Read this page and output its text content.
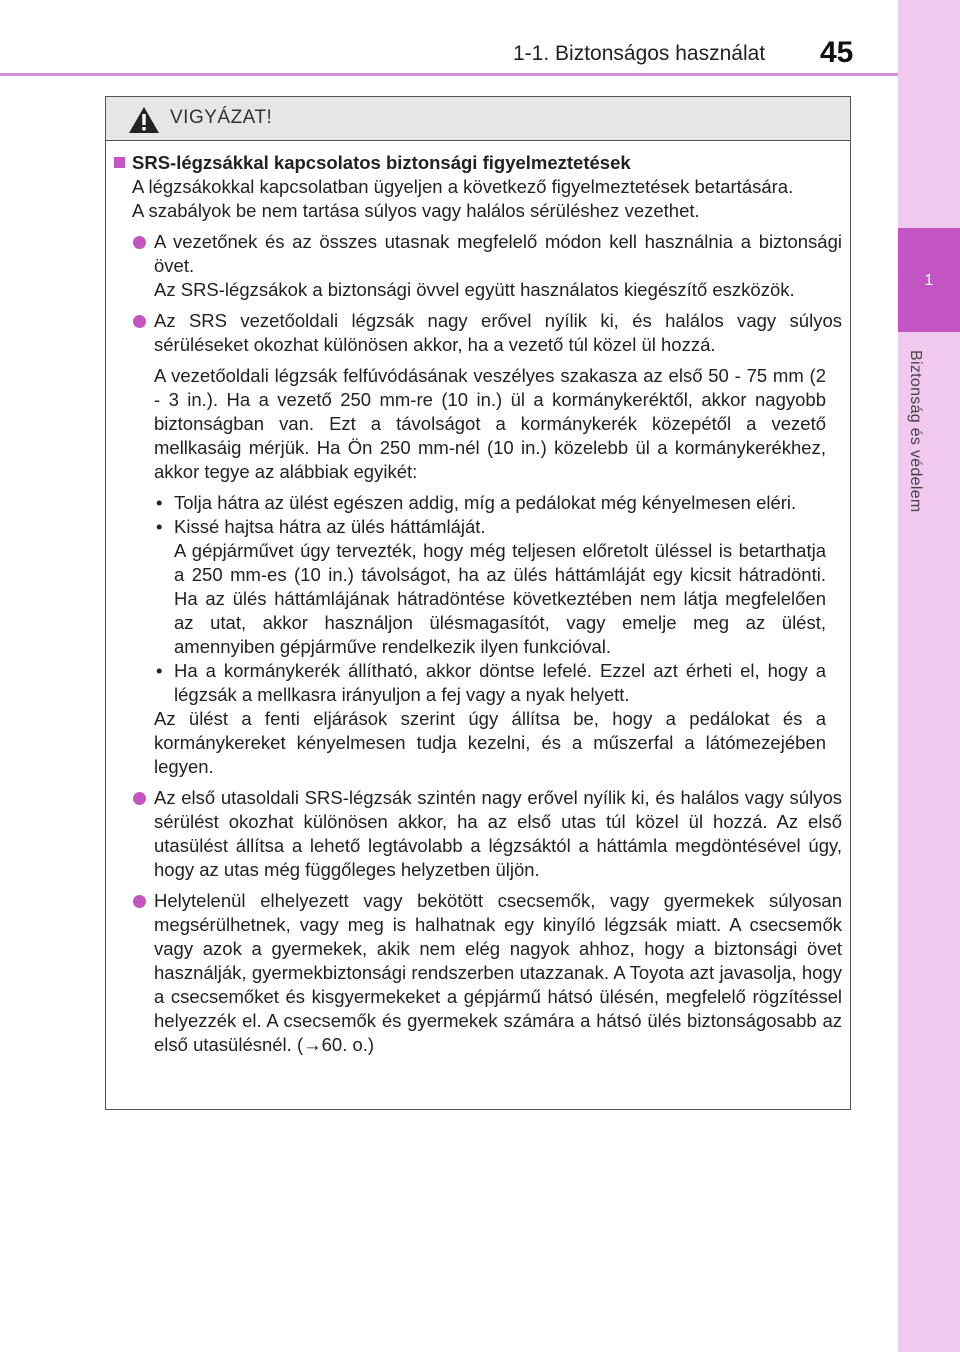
1-1. Biztonságos használat 45
1
Biztonság és védelem
VIGYÁZAT!
SRS-légzsákkal kapcsolatos biztonsági figyelmeztetések
A légzsákokkal kapcsolatban ügyeljen a következő figyelmeztetések betartására.
A szabályok be nem tartása súlyos vagy halálos sérüléshez vezethet.
A vezetőnek és az összes utasnak megfelelő módon kell használnia a biztonsági övet.
Az SRS-légzsákok a biztonsági övvel együtt használatos kiegészítő eszközök.
Az SRS vezetőoldali légzsák nagy erővel nyílik ki, és halálos vagy súlyos sérüléseket okozhat különösen akkor, ha a vezető túl közel ül hozzá.
A vezetőoldali légzsák felfúvódásának veszélyes szakasza az első 50 - 75 mm (2 - 3 in.). Ha a vezető 250 mm-re (10 in.) ül a kormánykeréktől, akkor nagyobb biztonságban van. Ezt a távolságot a kormánykerék közepétől a vezető mellkasáig mérjük. Ha Ön 250 mm-nél (10 in.) közelebb ül a kormánykerékhez, akkor tegye az alábbiak egyikét:
• Tolja hátra az ülést egészen addig, míg a pedálokat még kényelmesen eléri.
• Kissé hajtsa hátra az ülés háttámláját.
A gépjárművet úgy tervezték, hogy még teljesen előretolt üléssel is betarthatja a 250 mm-es (10 in.) távolságot, ha az ülés háttámláját egy kicsit hátradönti. Ha az ülés háttámlájának hátradöntése következtében nem látja megfelelően az utat, akkor használjon ülésmagasítót, vagy emelje meg az ülést, amennyiben gépjárműve rendelkezik ilyen funkcióval.
• Ha a kormánykerék állítható, akkor döntse lefelé. Ezzel azt érheti el, hogy a légzsák a mellkasra irányuljon a fej vagy a nyak helyett.
Az ülést a fenti eljárások szerint úgy állítsa be, hogy a pedálokat és a kormánykereket kényelmesen tudja kezelni, és a műszerfal a látómezejében legyen.
Az első utasoldali SRS-légzsák szintén nagy erővel nyílik ki, és halálos vagy súlyos sérülést okozhat különösen akkor, ha az első utas túl közel ül hozzá. Az első utasülést állítsa a lehető legtávolabb a légzsáktól a háttámla megdöntésével úgy, hogy az utas még függőleges helyzetben üljön.
Helytelenül elhelyezett vagy bekötött csecsemők, vagy gyermekek súlyosan megsérülhetnek, vagy meg is halhatnak egy kinyíló légzsák miatt. A csecsemők vagy azok a gyermekek, akik nem elég nagyok ahhoz, hogy a biztonsági övet használják, gyermekbiztonsági rendszerben utazzanak. A Toyota azt javasolja, hogy a csecsemőket és kisgyermekeket a gépjármű hátsó ülésén, megfelelő rögzítéssel helyezzék el. A csecsemők és gyermekek számára a hátsó ülés biztonságosabb az első utasülésnél. (→60. o.)
